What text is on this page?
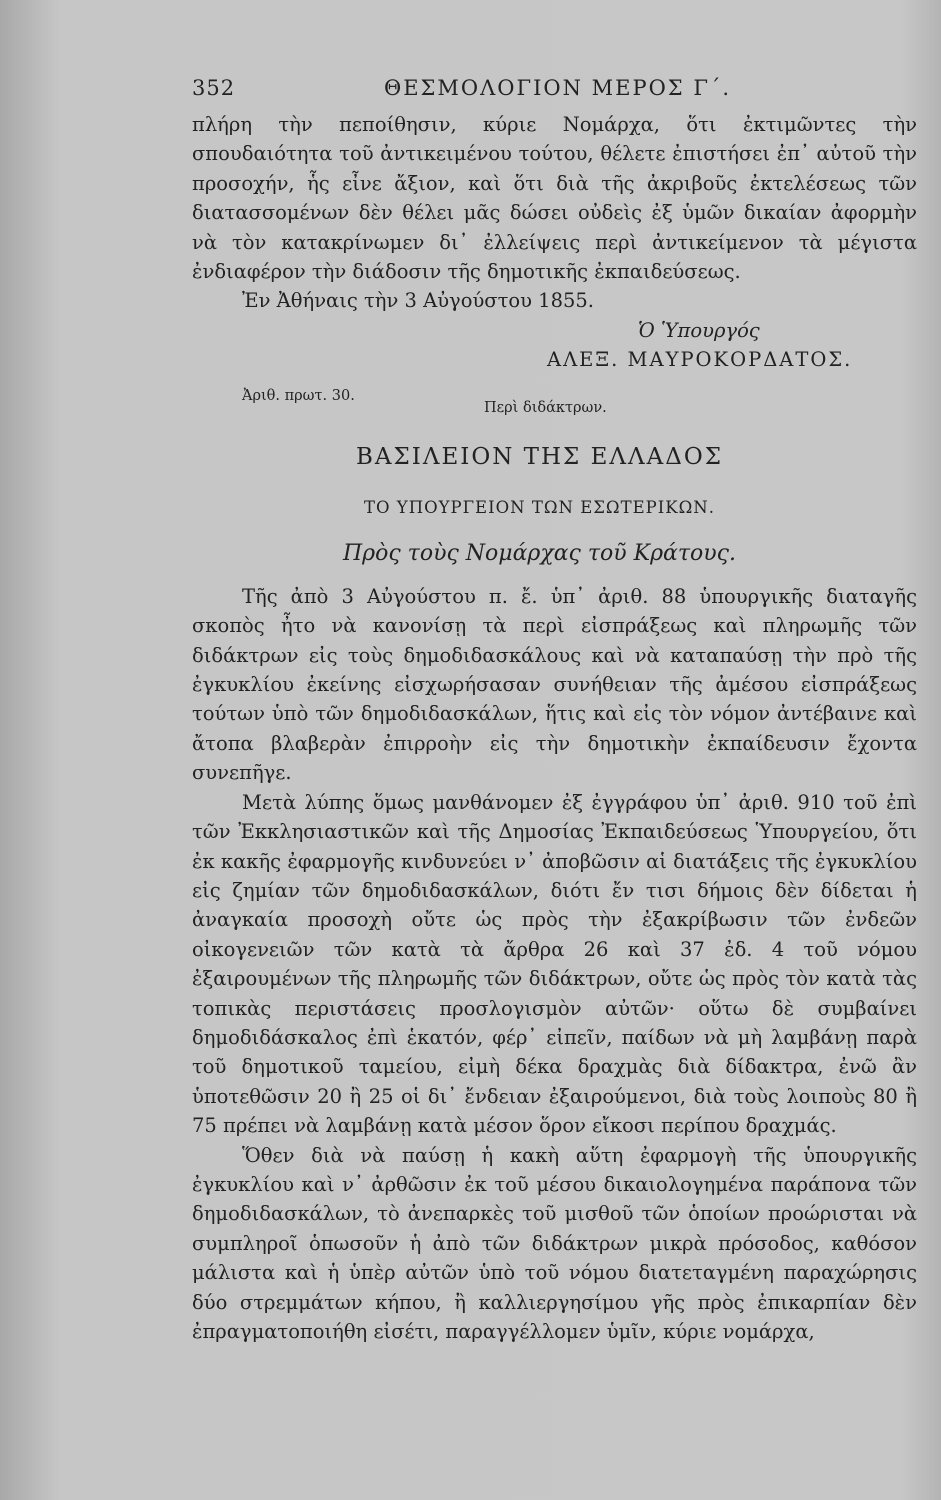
352	ΘΕΣΜΟΛΟΓΙΟΝ ΜΕΡΟΣ Γ΄.

πλήρη τὴν πεποίθησιν, κύριε Νομάρχα, ὅτι ἐκτιμῶντες τὴν σπουδαιότητα τοῦ ἀντικειμένου τούτου, θέλετε ἐπιστήσει ἐπ᾿ αὐτοῦ τὴν προσοχήν, ἧς εἶνε ἄξιον, καὶ ὅτι διὰ τῆς ἀκριβοῦς ἐκτελέσεως τῶν διατασσομένων δὲν θέλει μᾶς δώσει οὐδεὶς ἐξ ὑμῶν δικαίαν ἀφορμὴν νὰ τὸν κατακρίνωμεν δι᾿ ἐλλείψεις περὶ ἀντικείμενον τὰ μέγιστα ἐνδιαφέρον τὴν διάδοσιν τῆς δημοτικῆς ἐκπαιδεύσεως.

Ἐν Ἀθήναις τὴν 3 Αὐγούστου 1855.

Ὁ Ὑπουργός

ΑΛΕΞ. ΜΑΥΡΟΚΟΡΔΑΤΟΣ.

Ἀριθ. πρωτ. 30.
Περὶ διδάκτρων.
ΒΑΣΙΛΕΙΟΝ ΤΗΣ ΕΛΛΑΔΟΣ
ΤΟ ΥΠΟΥΡΓΕΙΟΝ ΤΩΝ ΕΣΩΤΕΡΙΚΩΝ.
Πρὸς τοὺς Νομάρχας τοῦ Κράτους.

Τῆς ἀπὸ 3 Αὐγούστου π. ἔ. ὑπ᾿ ἀριθ. 88 ὑπουργικῆς διαταγῆς σκοπὸς ἦτο νὰ κανονίσῃ τὰ περὶ εἰσπράξεως καὶ πληρωμῆς τῶν διδάκτρων εἰς τοὺς δημοδιδασκάλους καὶ νὰ καταπαύσῃ τὴν πρὸ τῆς ἐγκυκλίου ἐκείνης εἰσχωρήσασαν συνήθειαν τῆς ἀμέσου εἰσπράξεως τούτων ὑπὸ τῶν δημοδιδασκάλων, ἥτις καὶ εἰς τὸν νόμον ἀντέβαινε καὶ ἄτοπα βλαβερὰν ἐπιρροὴν εἰς τὴν δημοτικὴν ἐκπαίδευσιν ἔχοντα συνεπῆγε.

Μετὰ λύπης ὅμως μανθάνομεν ἐξ ἐγγράφου ὑπ᾿ ἀριθ. 910 τοῦ ἐπὶ τῶν Ἐκκλησιαστικῶν καὶ τῆς Δημοσίας Ἐκπαιδεύσεως Ὑπουργείου, ὅτι ἐκ κακῆς ἐφαρμογῆς κινδυνεύει ν᾿ ἀποβῶσιν αἱ διατάξεις τῆς ἐγκυκλίου εἰς ζημίαν τῶν δημοδιδασκάλων, διότι ἔν τισι δήμοις δὲν δίδεται ἡ ἀναγκαία προσοχὴ οὔτε ὡς πρὸς τὴν ἐξακρίβωσιν τῶν ἐνδεῶν οἰκογενειῶν τῶν κατὰ τὰ ἄρθρα 26 καὶ 37 ἐδ. 4 τοῦ νόμου ἐξαιρουμένων τῆς πληρωμῆς τῶν διδάκτρων, οὔτε ὡς πρὸς τὸν κατὰ τὰς τοπικὰς περιστάσεις προσλογισμὸν αὐτῶν· οὕτω δὲ συμβαίνει δημοδιδάσκαλος ἐπὶ ἑκατόν, φέρ᾿ εἰπεῖν, παίδων νὰ μὴ λαμβάνῃ παρὰ τοῦ δημοτικοῦ ταμείου, εἰμὴ δέκα δραχμὰς διὰ δίδακτρα, ἐνῶ ἂν ὑποτεθῶσιν 20 ἢ 25 οἱ δι᾿ ἔνδειαν ἐξαιρούμενοι, διὰ τοὺς λοιποὺς 80 ἢ 75 πρέπει νὰ λαμβάνῃ κατὰ μέσον ὅρον εἴκοσι περίπου δραχμάς.

Ὅθεν διὰ νὰ παύσῃ ἡ κακὴ αὕτη ἐφαρμογὴ τῆς ὑπουργικῆς ἐγκυκλίου καὶ ν᾿ ἀρθῶσιν ἐκ τοῦ μέσου δικαιολογημένα παράπονα τῶν δημοδιδασκάλων, τὸ ἀνεπαρκὲς τοῦ μισθοῦ τῶν ὁποίων προώρισται νὰ συμπληροῖ ὁπωσοῦν ἡ ἀπὸ τῶν διδάκτρων μικρὰ πρόσοδος, καθόσον μάλιστα καὶ ἡ ὑπὲρ αὐτῶν ὑπὸ τοῦ νόμου διατεταγμένη παραχώρησις δύο στρεμμάτων κήπου, ἢ καλλιεργησίμου γῆς πρὸς ἐπικαρπίαν δὲν ἐπραγματοποιήθη εἰσέτι, παραγγέλλομεν ὑμῖν, κύριε νομάρχα,
